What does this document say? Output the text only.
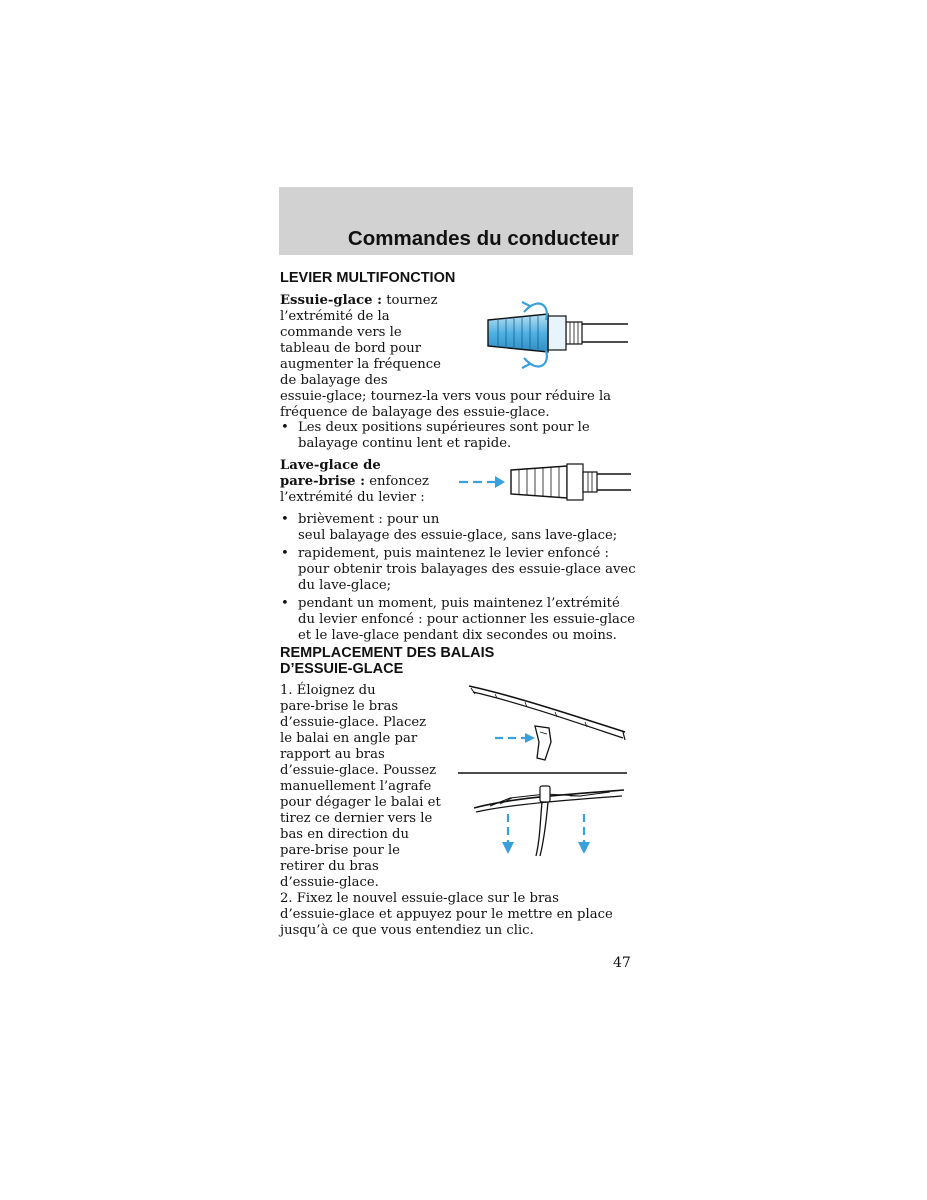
Commandes du conducteur
LEVIER MULTIFONCTION
Essuie-glace : tournez
l’extrémité de la
commande vers le
tableau de bord pour
augmenter la fréquence
de balayage des
essuie-glace; tournez-la vers vous pour réduire la
fréquence de balayage des essuie-glace.
• Les deux positions supérieures sont pour le
balayage continu lent et rapide.
Lave-glace de
pare-brise : enfoncez
l’extrémité du levier :
• brièvement : pour un
seul balayage des essuie-glace, sans lave-glace;
• rapidement, puis maintenez le levier enfoncé :
pour obtenir trois balayages des essuie-glace avec
du lave-glace;
• pendant un moment, puis maintenez l’extrémité
du levier enfoncé : pour actionner les essuie-glace
et le lave-glace pendant dix secondes ou moins.
REMPLACEMENT DES BALAIS
D’ESSUIE-GLACE
1. Éloignez du
pare-brise le bras
d’essuie-glace. Placez
le balai en angle par
rapport au bras
d’essuie-glace. Poussez
manuellement l’agrafe
pour dégager le balai et
tirez ce dernier vers le
bas en direction du
pare-brise pour le
retirer du bras
d’essuie-glace.
2. Fixez le nouvel essuie-glace sur le bras
d’essuie-glace et appuyez pour le mettre en place
jusqu’à ce que vous entendiez un clic.
47
